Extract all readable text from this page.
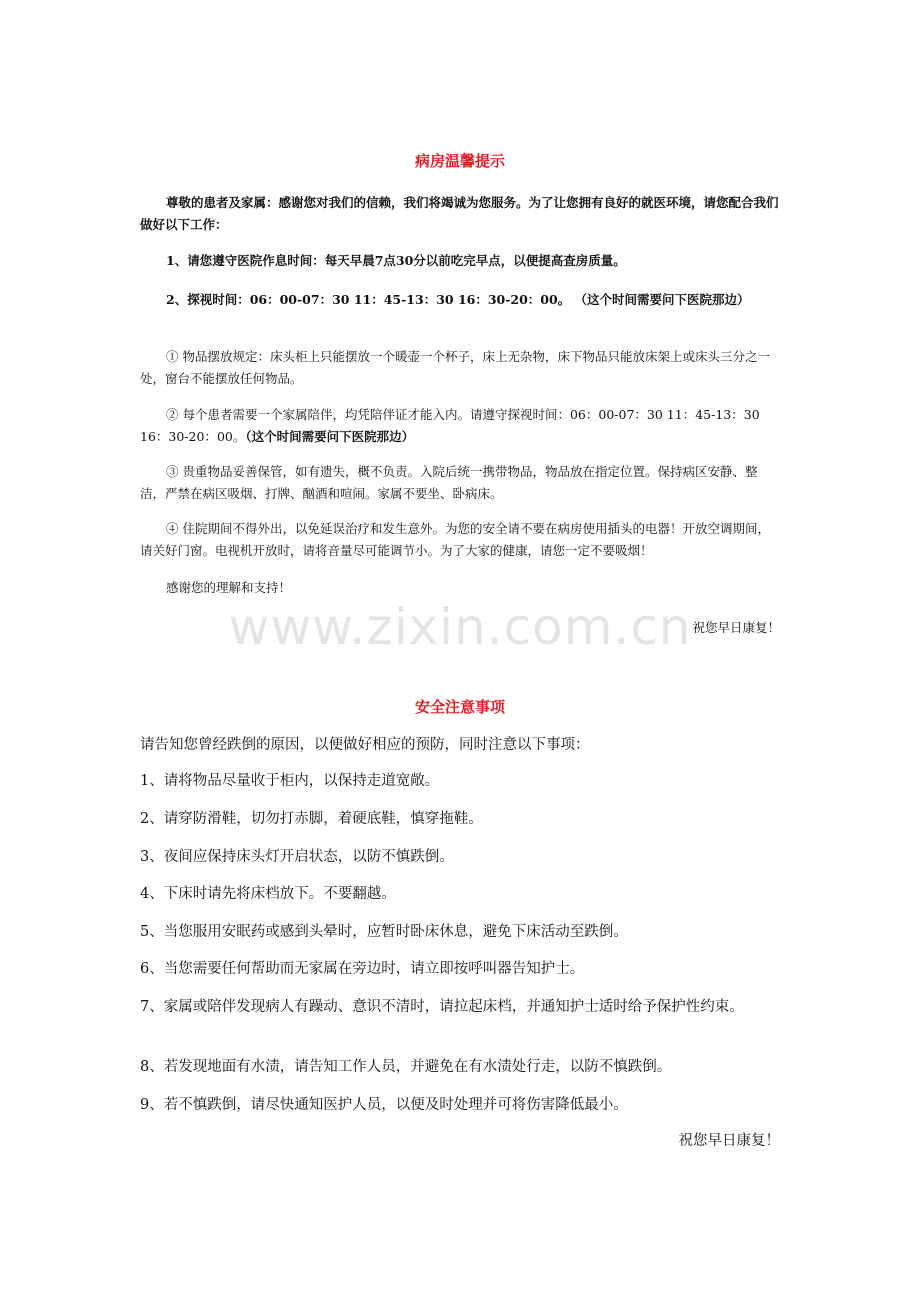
www.zixin.com.cn
病房温馨提示
尊敬的患者及家属：感谢您对我们的信赖，我们将竭诚为您服务。为了让您拥有良好的就医环境，请您配合我们做好以下工作：
1、请您遵守医院作息时间：每天早晨7点30分以前吃完早点，以便提高查房质量。
2、探视时间：06：00-07：30 11：45-13：30 16：30-20：00。 （这个时间需要问下医院那边）
① 物品摆放规定：床头柜上只能摆放一个暖壶一个杯子，床上无杂物，床下物品只能放床架上或床头三分之一处，窗台不能摆放任何物品。
② 每个患者需要一个家属陪伴，均凭陪伴证才能入内。请遵守探视时间：06：00-07：30 11：45-13：30 16：30-20：00。（这个时间需要问下医院那边）
③ 贵重物品妥善保管，如有遗失，概不负责。入院后统一携带物品，物品放在指定位置。保持病区安静、整洁，严禁在病区吸烟、打牌、酗酒和喧闹。家属不要坐、卧病床。
④ 住院期间不得外出，以免延误治疗和发生意外。为您的安全请不要在病房使用插头的电器！开放空调期间，请关好门窗。电视机开放时，请将音量尽可能调节小。为了大家的健康，请您一定不要吸烟！
感谢您的理解和支持！
祝您早日康复！
安全注意事项
请告知您曾经跌倒的原因，以便做好相应的预防，同时注意以下事项：
1、请将物品尽量收于柜内，以保持走道宽敞。
2、请穿防滑鞋，切勿打赤脚，着硬底鞋，慎穿拖鞋。
3、夜间应保持床头灯开启状态，以防不慎跌倒。
4、下床时请先将床档放下。不要翻越。
5、当您服用安眠药或感到头晕时，应暂时卧床休息，避免下床活动至跌倒。
6、当您需要任何帮助而无家属在旁边时，请立即按呼叫器告知护士。
7、家属或陪伴发现病人有躁动、意识不清时，请拉起床档，并通知护士适时给予保护性约束。
8、若发现地面有水渍，请告知工作人员，并避免在有水渍处行走，以防不慎跌倒。
9、若不慎跌倒，请尽快通知医护人员，以便及时处理并可将伤害降低最小。
祝您早日康复！
